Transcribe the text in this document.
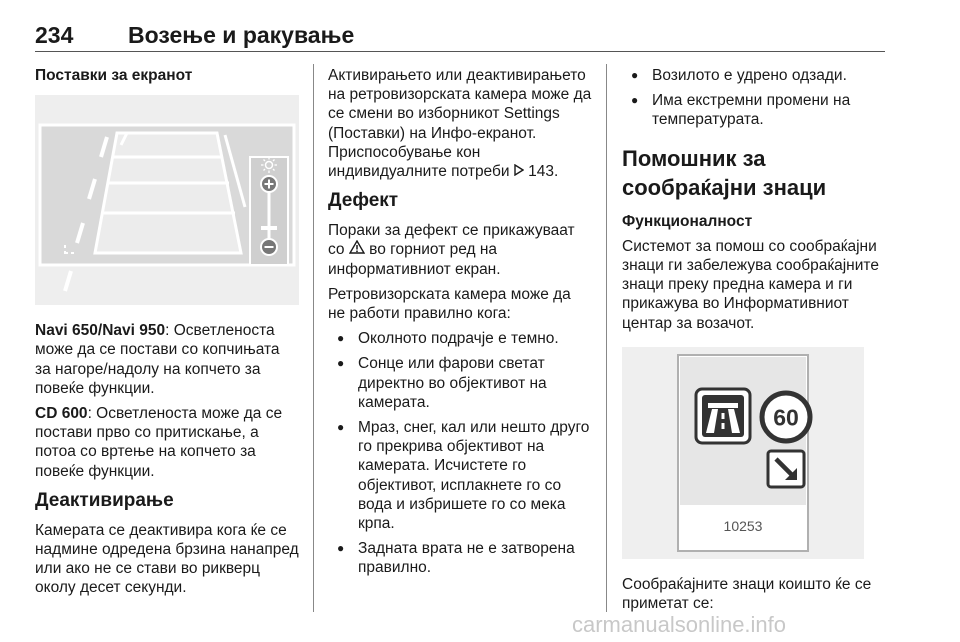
234 Возење и ракување
Поставки за екранот

Navi 650/Navi 950: Осветленоста може да се постави со копчињата за нагоре/надолу на копчето за повеќе функции.

CD 600: Осветленоста може да се постави прво со притискање, а потоа со вртење на копчето за повеќе функции.

Деактивирање

Камерата се деактивира кога ќе се надмине одредена брзина нанапред или ако не се стави во рикверц околу десет секунди.

Активирањето или деактивирањето на ретровизорската камера може да се смени во изборникот Settings (Поставки) на Инфо-екранот. Приспособување кон индивидуалните потреби 143.

Дефект

Пораки за дефект се прикажуваат со во горниот ред на информативниот екран.

Ретровизорската камера може да не работи правилно кога:

● Околното подрачје е темно.
● Сонце или фарови светат директно во објективот на камерата.
● Мраз, снег, кал или нешто друго го прекрива објективот на камерата. Исчистете го објективот, исплакнете го со вода и избришете го со мека крпа.
● Задната врата не е затворена правилно.
● Возилото е удрено одзади.
● Има екстремни промени на температурата.
Помошник за сообраќајни знаци
Функционалност

Системот за помош со сообраќајни знаци ги забележува сообраќајните знаци преку предна камера и ги прикажува во Информативниот центар за возачот.

60
10253

Сообраќајните знаци коишто ќе се приметат се:

carmanualsonline.info
